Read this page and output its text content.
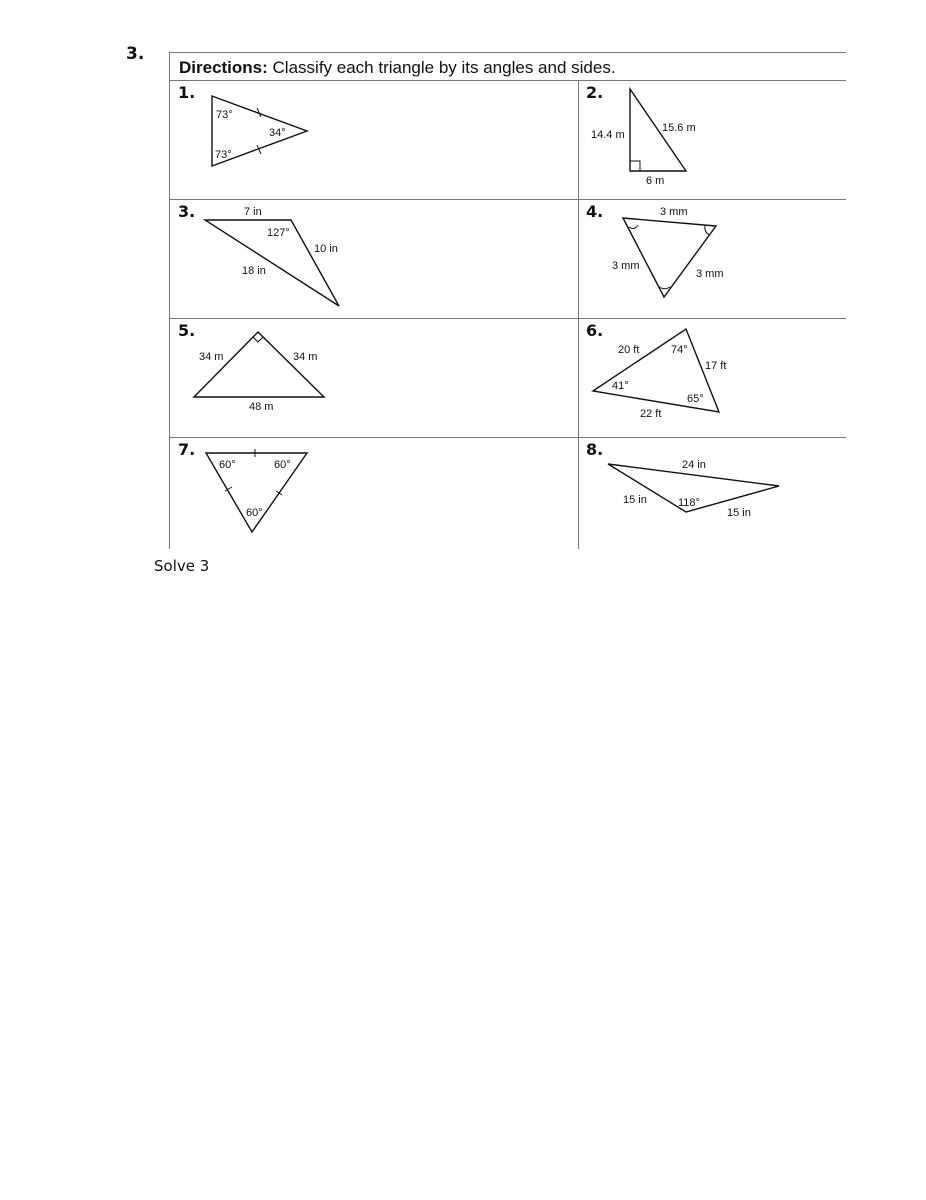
3.
Directions: Classify each triangle by its angles and sides.
1.
73°
34°
73°
2.
14.4 m
15.6 m
6 m
3.	7 in
127°
10 in
18 in
4.	3 mm
3 mm
3 mm
5.
34 m	34 m
48 m
6.
20 ft	74°
17 ft
41°
65°
22 ft
7.
60°	60°
60°
8.
24 in
15 in	118°
15 in
Solve 3
